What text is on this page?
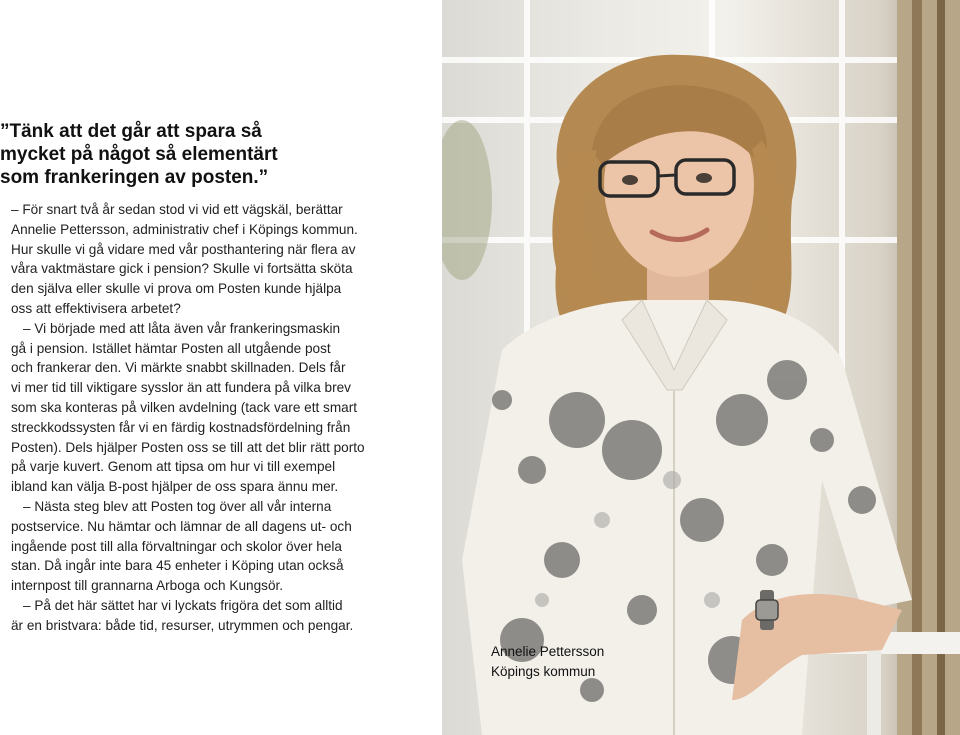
”Tänk att det går att spara så
mycket på något så elementärt
som frankeringen av posten.”
– För snart två år sedan stod vi vid ett vägskäl, berättar
Annelie Pettersson, administrativ chef i Köpings kommun.
Hur skulle vi gå vidare med vår posthantering när flera av
våra vaktmästare gick i pension? Skulle vi fortsätta sköta
den själva eller skulle vi prova om Posten kunde hjälpa
oss att effektivisera arbetet?
– Vi började med att låta även vår frankeringsmaskin
gå i pension. Istället hämtar Posten all utgående post
och frankerar den. Vi märkte snabbt skillnaden. Dels får
vi mer tid till viktigare sysslor än att fundera på vilka brev
som ska konteras på vilken avdelning (tack vare ett smart
streckkodssysten får vi en färdig kostnadsfördelning från
Posten). Dels hjälper Posten oss se till att det blir rätt porto
på varje kuvert. Genom att tipsa om hur vi till exempel
ibland kan välja B-post hjälper de oss spara ännu mer.
– Nästa steg blev att Posten tog över all vår interna
postservice. Nu hämtar och lämnar de all dagens ut- och
ingående post till alla förvaltningar och skolor över hela
stan. Då ingår inte bara 45 enheter i Köping utan också
internpost till grannarna Arboga och Kungsör.
– På det här sättet har vi lyckats frigöra det som alltid
är en bristvara: både tid, resurser, utrymmen och pengar.
Annelie Pettersson
Köpings kommun
